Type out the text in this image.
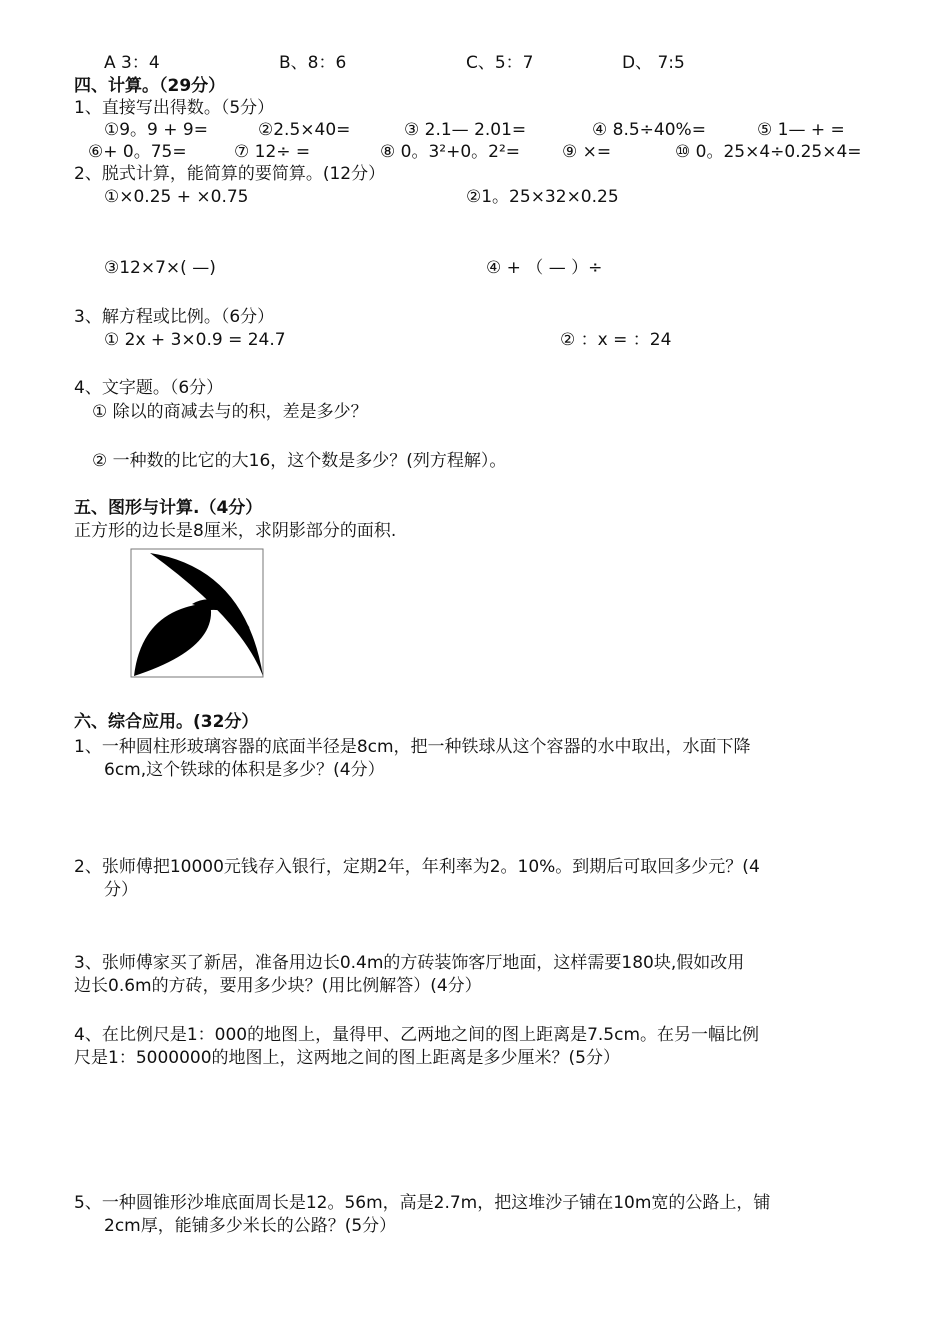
A 3：4	B、8：6	C、5：7	D、 7:5
四、计算。（29分）
1、直接写出得数。（5分）
①9。9 + 9=	②2.5×40=	③ 2.1— 2.01=	④ 8.5÷40%=	⑤ 1— + =
⑥+ 0。75=	⑦ 12÷ =	⑧ 0。3²+0。2²= ⑨ ×=	⑩ 0。25×4÷0.25×4=
2、脱式计算，能简算的要简算。(12分）
①×0.25 + ×0.75	②1。25×32×0.25
③12×7×( —)	④ + （ — ）÷
3、解方程或比例。（6分）
① 2x + 3×0.9 = 24.7	② ：x = ：24
4、文字题。（6分）
① 除以的商减去与的积，差是多少？
② 一种数的比它的大16，这个数是多少？(列方程解）。
五、图形与计算.（4分）
正方形的边长是8厘米，求阴影部分的面积.
六、综合应用。(32分）
1、一种圆柱形玻璃容器的底面半径是8cm，把一种铁球从这个容器的水中取出，水面下降
6cm,这个铁球的体积是多少？(4分）
2、张师傅把10000元钱存入银行，定期2年，年利率为2。10%。到期后可取回多少元？(4
分）
3、张师傅家买了新居，准备用边长0.4m的方砖装饰客厅地面，这样需要180块,假如改用
边长0.6m的方砖，要用多少块？(用比例解答）(4分）
4、在比例尺是1：000的地图上，量得甲、乙两地之间的图上距离是7.5cm。在另一幅比例
尺是1：5000000的地图上，这两地之间的图上距离是多少厘米？(5分）
5、一种圆锥形沙堆底面周长是12。56m，高是2.7m，把这堆沙子铺在10m宽的公路上，铺
2cm厚，能铺多少米长的公路？(5分）
